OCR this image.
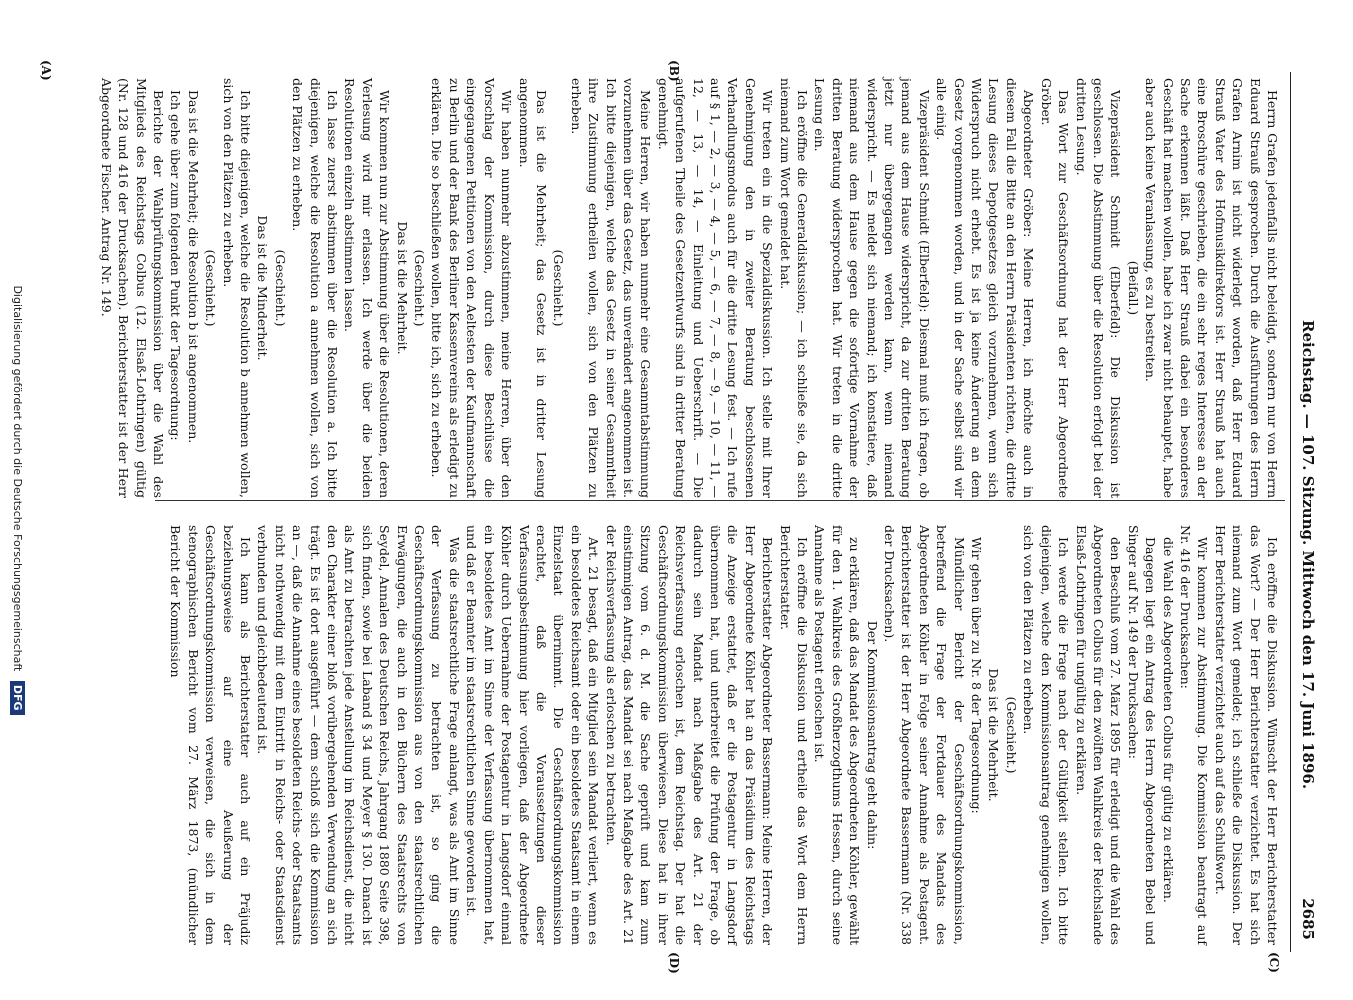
Reichstag. — 107. Sitzung. Mittwoch den 17. Juni 1896.
2685

Herrn Grafen jedenfalls nicht beleidigt, sondern nur von Herrn Eduard Strauß gesprochen. Durch die Ausführungen des Herrn Grafen Arnim ist nicht widerlegt worden, daß Herr Eduard Strauß Vater des Hofmusikdirektors ist. Herr Strauß hat auch eine Broschüre geschrieben, die ein sehr reges Interesse an der Sache erkennen läßt. Daß Herr Strauß dabei ein besonderes Geschäft hat machen wollen, habe ich zwar nicht behauptet, habe aber auch keine Veranlassung, es zu bestreiten.

(Beifall.)

Vizepräsident Schmidt (Elberfeld): Die Diskussion ist geschlossen. Die Abstimmung über die Resolution erfolgt bei der dritten Lesung.

Das Wort zur Geschäftsordnung hat der Herr Abgeordnete Gröber.

Abgeordneter Gröber: Meine Herren, ich möchte auch in diesem Fall die Bitte an den Herrn Präsidenten richten, die dritte Lesung dieses Depotgesetzes gleich vorzunehmen, wenn sich Widerspruch nicht erhebt. Es ist ja keine Änderung an dem Gesetz vorgenommen worden, und in der Sache selbst sind wir alle einig.

Vizepräsident Schmidt (Elberfeld): Diesmal muß ich fragen, ob jemand aus dem Hause widerspricht, da zur dritten Beratung jetzt nur übergegangen werden kann, wenn niemand widerspricht. — Es meldet sich niemand; ich konstatiere, daß niemand aus dem Hause gegen die sofortige Vornahme der dritten Beratung widersprochen hat. Wir treten in die dritte Lesung ein.

Ich eröffne die Generaldiskussion; — ich schließe sie, da sich niemand zum Wort gemeldet hat.

Wir treten ein in die Spezialdiskussion. Ich stelle mit Ihrer Genehmigung den in zweiter Beratung beschlossenen Verhandlungsmodus auch für die dritte Lesung fest. — Ich rufe auf § 1, — 2, — 3, — 4, — 5, — 6, — 7, — 8, — 9, — 10, — 11, — 12, — 13, — 14, — Einleitung und Ueberschrift. — Die aufgerufenen Theile des Gesetzentwurfs sind in dritter Beratung genehmigt.

Meine Herren, wir haben nunmehr eine Gesammtabstimmung vorzunehmen über das Gesetz, das unverändert angenommen ist. Ich bitte diejenigen, welche das Gesetz in seiner Gesammtheit ihre Zustimmung ertheilen wollen, sich von den Plätzen zu erheben.

(Geschieht.)

Das ist die Mehrheit; das Gesetz ist in dritter Lesung angenommen.

Wir haben nunmehr abzustimmen, meine Herren, über den Vorschlag der Kommission, durch diese Beschlüsse die eingegangenen Petitionen von den Aeltesten der Kaufmannschaft zu Berlin und der Bank des Berliner Kassenvereins als erledigt zu erklären. Die so beschließen wollen, bitte ich, sich zu erheben.

(Geschieht.)

Das ist die Mehrheit.

Wir kommen nun zur Abstimmung über die Resolutionen, deren Verlesung wird mir erlassen. Ich werde über die beiden Resolutionen einzeln abstimmen lassen.

Ich lasse zuerst abstimmen über die Resolution a. Ich bitte diejenigen, welche die Resolution a annehmen wollen, sich von den Plätzen zu erheben.

(Geschieht.)

Das ist die Minderheit.

Ich bitte diejenigen, welche die Resolution b annehmen wollen, sich von den Plätzen zu erheben.

(Geschieht.)

Das ist die Mehrheit; die Resolution b ist angenommen.

Ich gehe über zum folgenden Punkt der Tagesordnung:

Berichte der Wahlprüfungskommission über die Wahl des Mitglieds des Reichstags Colbus (12. Elsaß-Lothringen) gültig (Nr. 128 und 416 der Drucksachen). Berichterstatter ist der Herr Abgeordnete Fischer. Antrag Nr. 149.

Ich eröffne die Diskussion. Wünscht der Herr Berichterstatter das Wort? — Der Herr Berichterstatter verzichtet. Es hat sich niemand zum Wort gemeldet; ich schließe die Diskussion. Der Herr Berichterstatter verzichtet auch auf das Schlußwort.

Wir kommen zur Abstimmung. Die Kommission beantragt auf Nr. 416 der Drucksachen:

die Wahl des Abgeordneten Colbus für gültig zu erklären.

Dagegen liegt ein Antrag des Herrn Abgeordneten Bebel und Singer auf Nr. 149 der Drucksachen:

den Beschluß vom 27. März 1895 für erledigt und die Wahl des Abgeordneten Colbus für den zwölften Wahlkreis der Reichslande Elsaß-Lothringen für ungültig zu erklären.

Ich werde die Frage nach der Gültigkeit stellen. Ich bitte diejenigen, welche den Kommissionsantrag genehmigen wollen, sich von den Plätzen zu erheben.

(Geschieht.)

Das ist die Mehrheit.

Wir gehen über zu Nr. 8 der Tagesordnung:

Mündlicher Bericht der Geschäftsordnungskommission, betreffend die Frage der Fortdauer des Mandats des Abgeordneten Köhler in Folge seiner Annahme als Postagent. Berichterstatter ist der Herr Abgeordnete Bassermann (Nr. 338 der Drucksachen).

Der Kommissionsantrag geht dahin:

zu erklären, daß das Mandat des Abgeordneten Köhler, gewählt für den 1. Wahlkreis des Großherzogthums Hessen, durch seine Annahme als Postagent erloschen ist.

Ich eröffne die Diskussion und ertheile das Wort dem Herrn Berichterstatter.

Berichterstatter Abgeordneter Bassermann: Meine Herren, der Herr Abgeordnete Köhler hat an das Präsidium des Reichstags die Anzeige erstattet, daß er die Postagentur in Langsdorf übernommen hat, und unterbreitet die Prüfung der Frage, ob dadurch sein Mandat nach Maßgabe des Art. 21 der Reichsverfassung erloschen ist, dem Reichstag. Der hat die Geschäftsordnungskommission überwiesen. Diese hat in ihrer Sitzung vom 6. d. M. die Sache geprüft und kam zum einstimmigen Antrag, das Mandat sei nach Maßgabe des Art. 21 der Reichsverfassung als erloschen zu betrachten.

Art. 21 besagt, daß ein Mitglied sein Mandat verliert, wenn es ein besoldetes Reichsamt oder ein besoldetes Staatsamt in einem Einzelstaat übernimmt. Die Geschäftsordnungskommission erachtet, daß die Voraussetzungen dieser Verfassungsbestimmung hier vorliegen, daß der Abgeordnete Köhler durch Uebernahme der Postagentur in Langsdorf einmal ein besoldetes Amt im Sinne der Verfassung übernommen hat, und daß er Beamter im staatsrechtlichen Sinne geworden ist.

Was die staatsrechtliche Frage anlangt, was als Amt im Sinne der Verfassung zu betrachten ist, so ging die Geschäftsordnungskommission aus von den staatsrechtlichen Erwägungen, die auch in den Büchern des Staatsrechts von Seydel, Annalen des Deutschen Reichs, Jahrgang 1880 Seite 398, sich finden, sowie bei Laband § 34 und Meyer § 130. Danach ist als Amt zu betrachten jede Anstellung im Reichsdienst, die nicht den Charakter einer bloß vorübergehenden Verwendung an sich trägt. Es ist dort ausgeführt — dem schloß sich die Kommission an —, daß die Annahme eines besoldeten Reichs- oder Staatsamts nicht nothwendig mit dem Eintritt in Reichs- oder Staatsdienst verbunden und gleichbedeutend ist.

Ich kann als Berichterstatter auch auf ein Präjudiz beziehungsweise auf eine Aeußerung der Geschäftsordnungskommission verweisen, die sich in dem stenographischen Bericht vom 27. März 1873, (mündlicher Bericht der Kommission

(A)	(B)
(C)
(D)
Digitalisierung gefördert durch die Deutsche Forschungsgemeinschaft DFG
